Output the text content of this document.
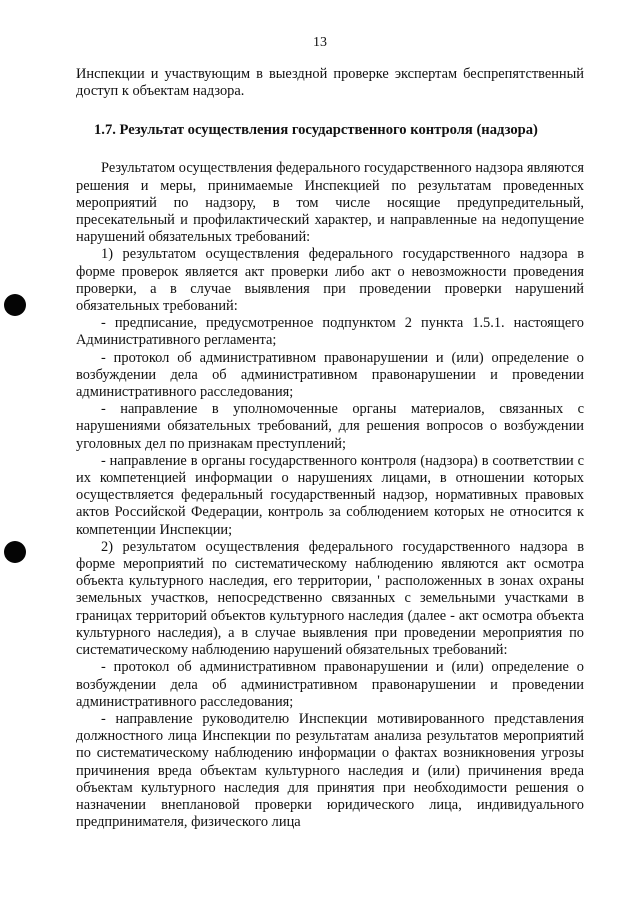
13

Инспекции и участвующим в выездной проверке экспертам беспрепятственный доступ к объектам надзора.

1.7. Результат осуществления государственного контроля (надзора)

Результатом осуществления федерального государственного надзора являются решения и меры, принимаемые Инспекцией по результатам проведенных мероприятий по надзору, в том числе носящие предупредительный, пресекательный и профилактический характер, и направленные на недопущение нарушений обязательных требований:

1) результатом осуществления федерального государственного надзора в форме проверок является акт проверки либо акт о невозможности проведения проверки, а в случае выявления при проведении проверки нарушений обязательных требований:

- предписание, предусмотренное подпунктом 2 пункта 1.5.1. настоящего Административного регламента;

- протокол об административном правонарушении и (или) определение о возбуждении дела об административном правонарушении и проведении административного расследования;

- направление в уполномоченные органы материалов, связанных с нарушениями обязательных требований, для решения вопросов о возбуждении уголовных дел по признакам преступлений;

- направление в органы государственного контроля (надзора) в соответствии с их компетенцией информации о нарушениях лицами, в отношении которых осуществляется федеральный государственный надзор, нормативных правовых актов Российской Федерации, контроль за соблюдением которых не относится к компетенции Инспекции;

2) результатом осуществления федерального государственного надзора в форме мероприятий по систематическому наблюдению являются акт осмотра объекта культурного наследия, его территории, ' расположенных в зонах охраны земельных участков, непосредственно связанных с земельными участками в границах территорий объектов культурного наследия (далее - акт осмотра объекта культурного наследия), а в случае выявления при проведении мероприятия по систематическому наблюдению нарушений обязательных требований:

- протокол об административном правонарушении и (или) определение о возбуждении дела об административном правонарушении и проведении административного расследования;

- направление руководителю Инспекции мотивированного представления должностного лица Инспекции по результатам анализа результатов мероприятий по систематическому наблюдению информации о фактах возникновения угрозы причинения вреда объектам культурного наследия и (или) причинения вреда объектам культурного наследия для принятия при необходимости решения о назначении внеплановой проверки юридического лица, индивидуального предпринимателя, физического лица
